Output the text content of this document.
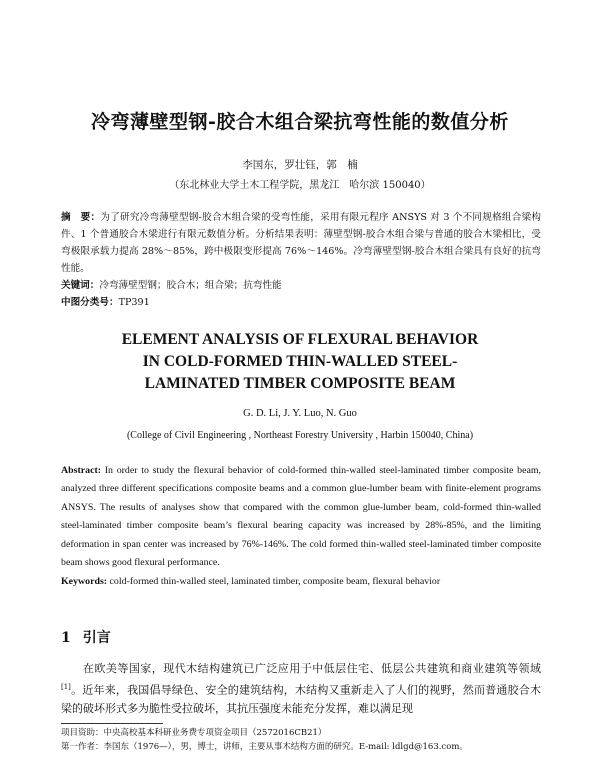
冷弯薄壁型钢-胶合木组合梁抗弯性能的数值分析
李国东，罗壮钰，郭　楠
（东北林业大学土木工程学院，黑龙江　哈尔滨 150040）
摘　要：为了研究冷弯薄壁型钢-胶合木组合梁的受弯性能，采用有限元程序 ANSYS 对 3 个不同规格组合梁构件、1 个普通胶合木梁进行有限元数值分析。分析结果表明：薄壁型钢-胶合木组合梁与普通的胶合木梁相比，受弯极限承载力提高 28%～85%，跨中极限变形提高 76%～146%。冷弯薄壁型钢-胶合木组合梁具有良好的抗弯性能。
关键词：冷弯薄壁型钢；胶合木；组合梁；抗弯性能
中图分类号：TP391
ELEMENT ANALYSIS OF FLEXURAL BEHAVIOR
IN COLD-FORMED THIN-WALLED STEEL-
LAMINATED TIMBER COMPOSITE BEAM
G. D. Li, J. Y. Luo, N. Guo
(College of Civil Engineering , Northeast Forestry University , Harbin 150040, China)
Abstract: In order to study the flexural behavior of cold-formed thin-walled steel-laminated timber composite beam, analyzed three different specifications composite beams and a common glue-lumber beam with finite-element programs ANSYS. The results of analyses show that compared with the common glue-lumber beam, cold-formed thin-walled steel-laminated timber composite beam’s flexural bearing capacity was increased by 28%-85%, and the limiting deformation in span center was increased by 76%-146%. The cold formed thin-walled steel-laminated timber composite beam shows good flexural performance.
Keywords: cold-formed thin-walled steel, laminated timber, composite beam, flexural behavior
1 引言
在欧美等国家，现代木结构建筑已广泛应用于中低层住宅、低层公共建筑和商业建筑等领域[1]。近年来，我国倡导绿色、安全的建筑结构，木结构又重新走入了人们的视野，然而普通胶合木梁的破坏形式多为脆性受拉破坏，其抗压强度未能充分发挥，难以满足现
项目资助：中央高校基本科研业务费专项资金项目（2572016CB21）
第一作者：李国东（1976—），男，博士，讲师，主要从事木结构方面的研究。E-mail: ldlgd@163.com。
